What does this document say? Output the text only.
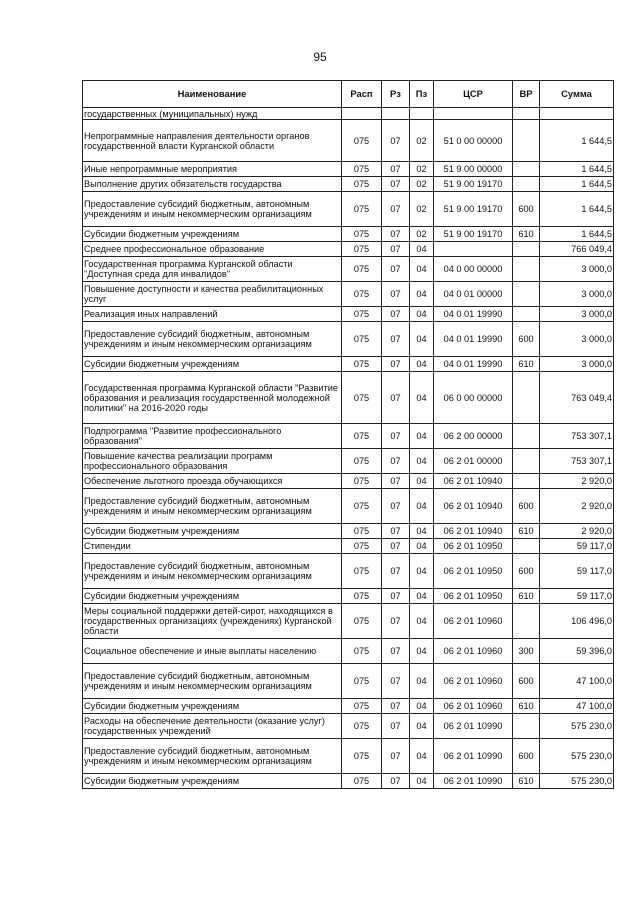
95
Наименование	Расп	Рз	Пз	ЦСР	ВР	Сумма
государственных (муниципальных) нужд						
Непрограммные направления деятельности органов государственной власти Курганской области	075	07	02	51 0 00 00000		1 644,5
Иные непрограммные мероприятия	075	07	02	51 9 00 00000		1 644,5
Выполнение других обязательств государства	075	07	02	51 9 00 19170		1 644,5
Предоставление субсидий бюджетным, автономным учреждениям и иным некоммерческим организациям	075	07	02	51 9 00 19170	600	1 644,5
Субсидии бюджетным учреждениям	075	07	02	51 9 00 19170	610	1 644,5
Среднее профессиональное образование	075	07	04			766 049,4
Государственная программа Курганской области "Доступная среда для инвалидов"	075	07	04	04 0 00 00000		3 000,0
Повышение доступности и качества реабилитационных услуг	075	07	04	04 0 01 00000		3 000,0
Реализация иных направлений	075	07	04	04 0 01 19990		3 000,0
Предоставление субсидий бюджетным, автономным учреждениям и иным некоммерческим организациям	075	07	04	04 0 01 19990	600	3 000,0
Субсидии бюджетным учреждениям	075	07	04	04 0 01 19990	610	3 000,0
Государственная программа Курганской области "Развитие образования и реализация государственной молодежной политики" на 2016-2020 годы	075	07	04	06 0 00 00000		763 049,4
Подпрограмма "Развитие профессионального образования"	075	07	04	06 2 00 00000		753 307,1
Повышение качества реализации программ профессионального образования	075	07	04	06 2 01 00000		753 307,1
Обеспечение льготного проезда обучающихся	075	07	04	06 2 01 10940		2 920,0
Предоставление субсидий бюджетным, автономным учреждениям и иным некоммерческим организациям	075	07	04	06 2 01 10940	600	2 920,0
Субсидии бюджетным учреждениям	075	07	04	06 2 01 10940	610	2 920,0
Стипендии	075	07	04	06 2 01 10950		59 117,0
Предоставление субсидий бюджетным, автономным учреждениям и иным некоммерческим организациям	075	07	04	06 2 01 10950	600	59 117,0
Субсидии бюджетным учреждениям	075	07	04	06 2 01 10950	610	59 117,0
Меры социальной поддержки детей-сирот, находящихся в государственных организациях (учреждениях) Курганской области	075	07	04	06 2 01 10960		106 496,0
Социальное обеспечение и иные выплаты населению	075	07	04	06 2 01 10960	300	59 396,0
Предоставление субсидий бюджетным, автономным учреждениям и иным некоммерческим организациям	075	07	04	06 2 01 10960	600	47 100,0
Субсидии бюджетным учреждениям	075	07	04	06 2 01 10960	610	47 100,0
Расходы на обеспечение деятельности (оказание услуг) государственных учреждений	075	07	04	06 2 01 10990		575 230,0
Предоставление субсидий бюджетным, автономным учреждениям и иным некоммерческим организациям	075	07	04	06 2 01 10990	600	575 230,0
Субсидии бюджетным учреждениям	075	07	04	06 2 01 10990	610	575 230,0
